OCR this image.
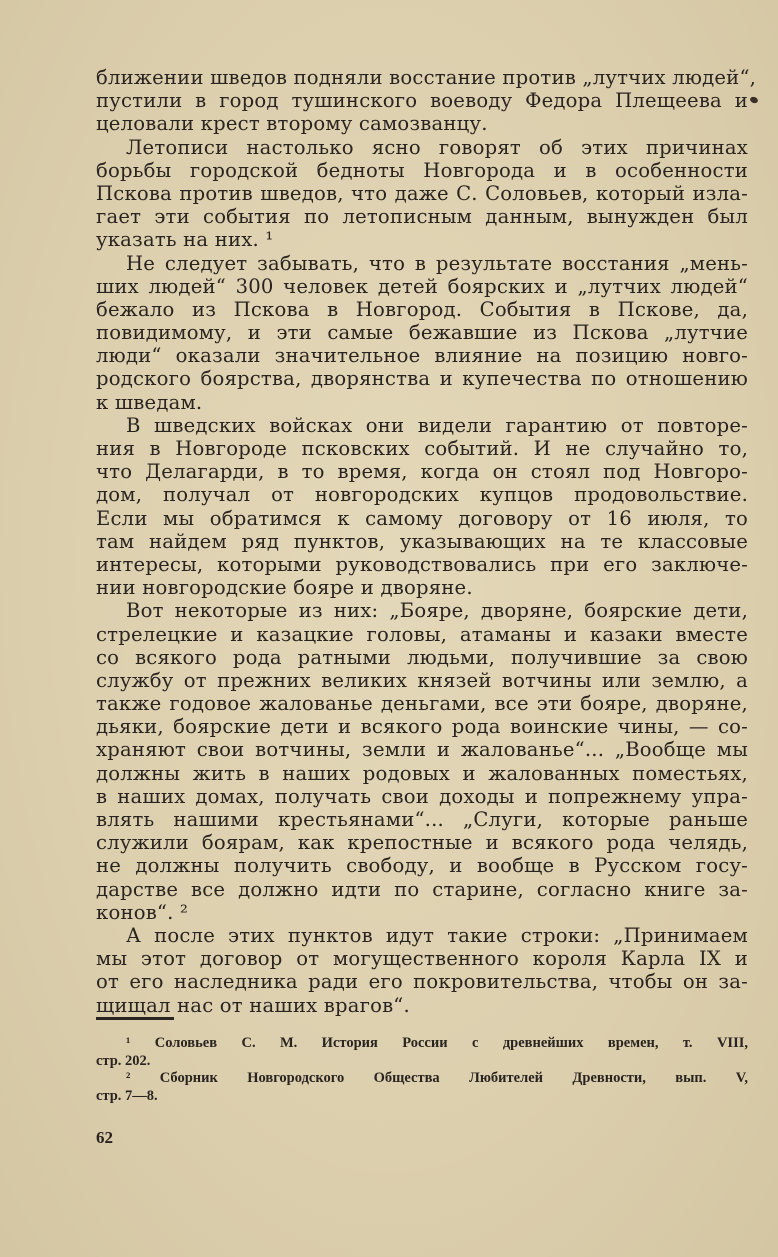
ближении шведов подняли восстание против „лутчих людей“,
пустили в город тушинского воеводу Федора Плещеева и
целовали крест второму самозванцу.
Летописи настолько ясно говорят об этих причинах
борьбы городской бедноты Новгорода и в особенности
Пскова против шведов, что даже С. Соловьев, который изла-
гает эти события по летописным данным, вынужден был
указать на них. ¹
Не следует забывать, что в результате восстания „мень-
ших людей“ 300 человек детей боярских и „лутчих людей“
бежало из Пскова в Новгород. События в Пскове, да,
повидимому, и эти самые бежавшие из Пскова „лутчие
люди“ оказали значительное влияние на позицию новго-
родского боярства, дворянства и купечества по отношению
к шведам.
В шведских войсках они видели гарантию от повторе-
ния в Новгороде псковских событий. И не случайно то,
что Делагарди, в то время, когда он стоял под Новгоро-
дом, получал от новгородских купцов продовольствие.
Если мы обратимся к самому договору от 16 июля, то
там найдем ряд пунктов, указывающих на те классовые
интересы, которыми руководствовались при его заключе-
нии новгородские бояре и дворяне.
Вот некоторые из них: „Бояре, дворяне, боярские дети,
стрелецкие и казацкие головы, атаманы и казаки вместе
со всякого рода ратными людьми, получившие за свою
службу от прежних великих князей вотчины или землю, а
также годовое жалованье деньгами, все эти бояре, дворяне,
дьяки, боярские дети и всякого рода воинские чины, — со-
храняют свои вотчины, земли и жалованье“... „Вообще мы
должны жить в наших родовых и жалованных поместьях,
в наших домах, получать свои доходы и попрежнему упра-
влять нашими крестьянами“... „Слуги, которые раньше
служили боярам, как крепостные и всякого рода челядь,
не должны получить свободу, и вообще в Русском госу-
дарстве все должно идти по старине, согласно книге за-
конов“. ²
А после этих пунктов идут такие строки: „Принимаем
мы этот договор от могущественного короля Карла IX и
от его наследника ради его покровительства, чтобы он за-
щищал нас от наших врагов“.
¹ Соловьев С. М. История России с древнейших времен, т. VIII,
стр. 202.
² Сборник Новгородского Общества Любителей Древности, вып. V,
стр. 7—8.
62
